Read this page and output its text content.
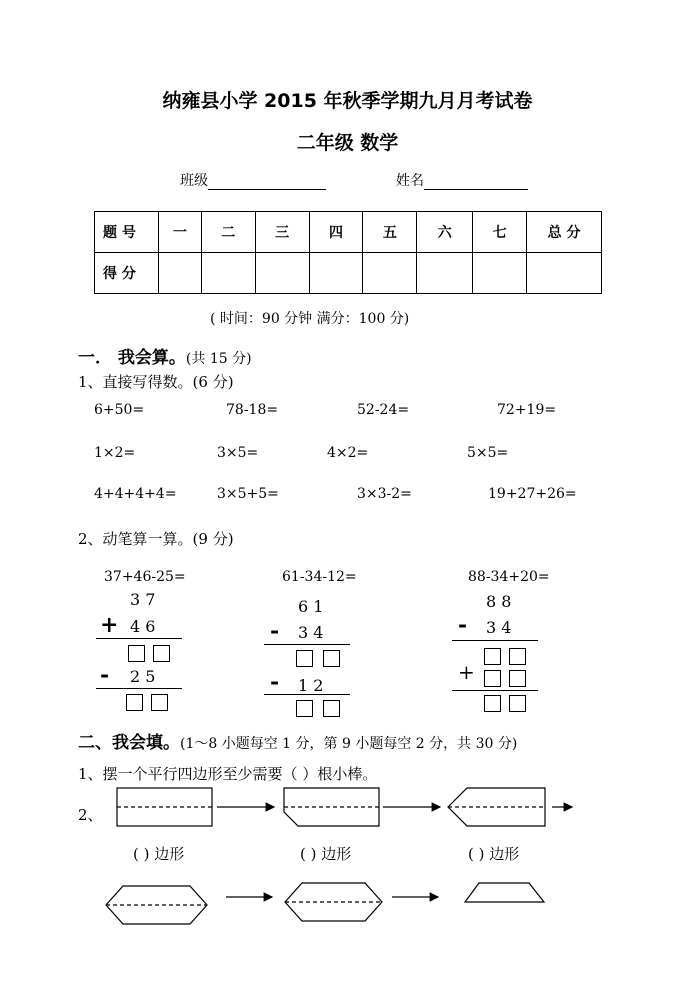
纳雍县小学 2015 年秋季学期九月月考试卷
二年级 数学
班级	姓名
题 号	一	二	三	四	五	六	七	总 分
得 分								
( 时间：90 分钟 满分：100 分)
一． 我会算。(共 15 分)
1、直接写得数。(6 分)
6+50=	78-18=	52-24=	72+19=
1×2=	3×5=	4×2=	5×5=
4+4+4+4=	3×5+5=	3×3-2=	19+27+26=
2、动笔算一算。(9 分)
37+46-25=	61-34-12=	88-34+20=
3 7
+ 4 6
- 2 5
6 1
- 3 4
- 1 2
8 8
- 3 4
+
二、我会填。(1～8 小题每空 1 分，第 9 小题每空 2 分，共 30 分)
1、摆一个平行四边形至少需要（ ）根小棒。
2、
( ) 边形	( ) 边形	( ) 边形
